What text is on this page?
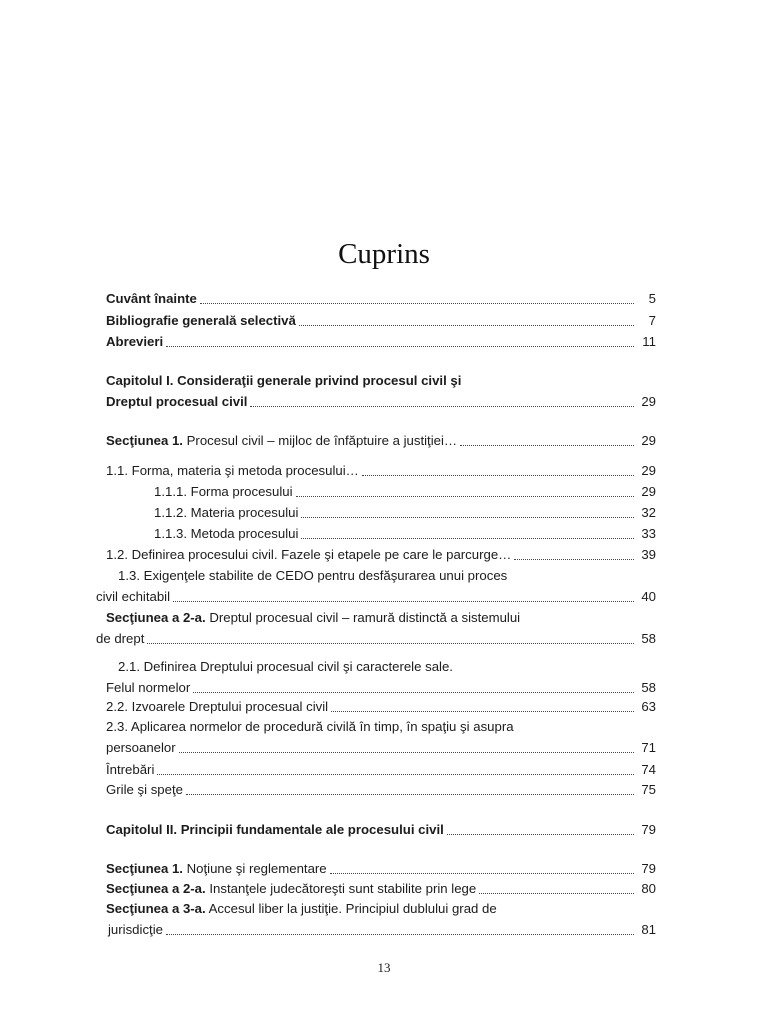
Cuprins
Cuvânt înainte	5
Bibliografie generală selectivă	7
Abrevieri	11
Capitolul I. Consideraţii generale privind procesul civil şi
Dreptul procesual civil	29
Secţiunea 1. Procesul civil – mijloc de înfăptuire a justiţiei…	29
1.1. Forma, materia şi metoda procesului…	29
1.1.1. Forma procesului	29
1.1.2. Materia procesului	32
1.1.3. Metoda procesului	33
1.2. Definirea procesului civil. Fazele şi etapele pe care le parcurge…	39
1.3. Exigenţele stabilite de CEDO pentru desfăşurarea unui proces
civil echitabil	40
Secţiunea a 2-a. Dreptul procesual civil – ramură distinctă a sistemului
de drept	58
2.1. Definirea Dreptului procesual civil şi caracterele sale.
Felul normelor	58
2.2. Izvoarele Dreptului procesual civil	63
2.3. Aplicarea normelor de procedură civilă în timp, în spaţiu şi asupra
persoanelor	71
Întrebări	74
Grile şi speţe	75
Capitolul II. Principii fundamentale ale procesului civil	79
Secţiunea 1. Noţiune şi reglementare	79
Secţiunea a 2-a. Instanţele judecătoreşti sunt stabilite prin lege	80
Secţiunea a 3-a. Accesul liber la justiţie. Principiul dublului grad de
jurisdicţie	81
13
